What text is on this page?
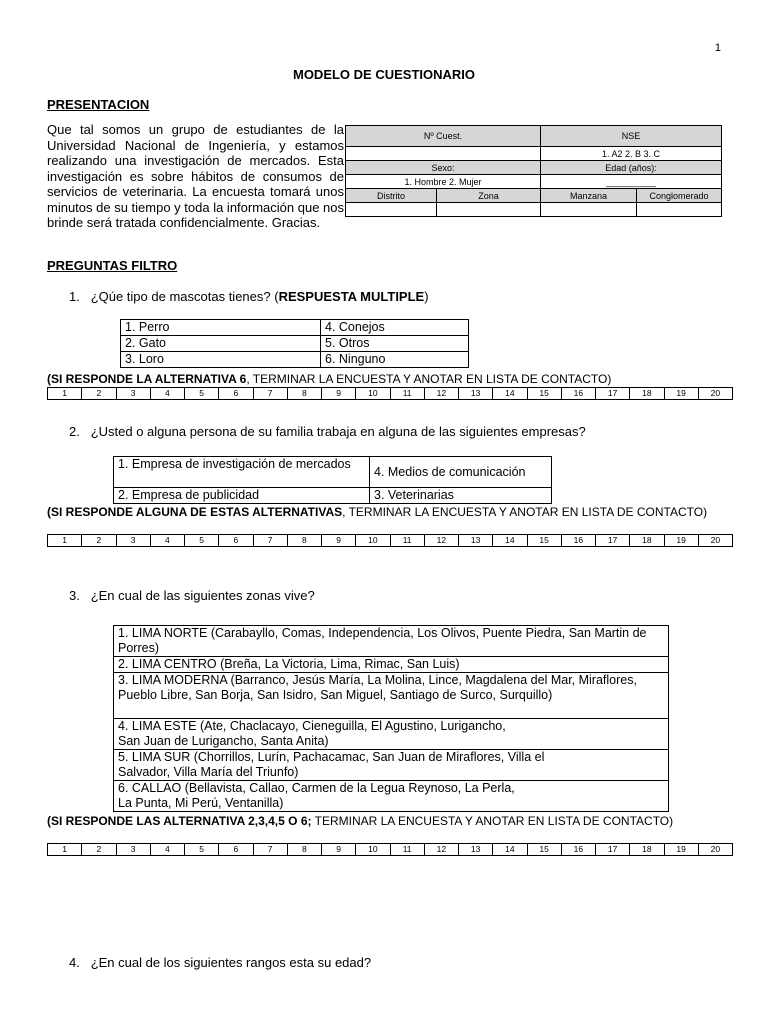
1
MODELO DE CUESTIONARIO
PRESENTACION
Que tal somos un grupo de estudiantes de la Universidad Nacional de Ingeniería, y estamos realizando una investigación de mercados. Esta investigación es sobre hábitos de consumos de servicios de veterinaria. La encuesta tomará unos minutos de su tiempo y toda la información que nos brinde será tratada confidencialmente. Gracias.
Nº Cuest.		NSE	
		1. A2 2. B 3. C	
Sexo:		Edad (años):	
1. Hombre 2. Mujer		__________	
Distrito	Zona	Manzana	Conglomerado

PREGUNTAS FILTRO
1. ¿Qúe tipo de mascotas tienes? (RESPUESTA MULTIPLE)
1. Perro	4. Conejos
2. Gato	5. Otros
3. Loro	6. Ninguno
(SI RESPONDE LA ALTERNATIVA 6, TERMINAR LA ENCUESTA Y ANOTAR EN LISTA DE CONTACTO)
1	2	3	4	5	6	7	8	9	10	11	12	13	14	15	16	17	18	19	20
2. ¿Usted o alguna persona de su familia trabaja en alguna de las siguientes empresas?
1. Empresa de investigación de mercados	4. Medios de comunicación
2. Empresa de publicidad	3. Veterinarias
(SI RESPONDE ALGUNA DE ESTAS ALTERNATIVAS, TERMINAR LA ENCUESTA Y ANOTAR EN LISTA DE CONTACTO)
1	2	3	4	5	6	7	8	9	10	11	12	13	14	15	16	17	18	19	20
3. ¿En cual de las siguientes zonas vive?
1. LIMA NORTE (Carabayllo, Comas, Independencia, Los Olivos, Puente Piedra, San Martin de Porres)
2. LIMA CENTRO (Breña, La Victoria, Lima, Rimac, San Luis)
3. LIMA MODERNA (Barranco, Jesús María, La Molina, Lince, Magdalena del Mar, Miraflores, Pueblo Libre, San Borja, San Isidro, San Miguel, Santiago de Surco, Surquillo)
4. LIMA ESTE (Ate, Chaclacayo, Cieneguilla, El Agustino, Lurigancho, San Juan de Lurigancho, Santa Anita)
5. LIMA SUR (Chorrillos, Lurín, Pachacamac, San Juan de Miraflores, Villa el Salvador, Villa María del Triunfo)
6. CALLAO (Bellavista, Callao, Carmen de la Legua Reynoso, La Perla, La Punta, Mi Perú, Ventanilla)
(SI RESPONDE LAS ALTERNATIVA 2,3,4,5 O 6; TERMINAR LA ENCUESTA Y ANOTAR EN LISTA DE CONTACTO)
1	2	3	4	5	6	7	8	9	10	11	12	13	14	15	16	17	18	19	20
4. ¿En cual de los siguientes rangos esta su edad?
